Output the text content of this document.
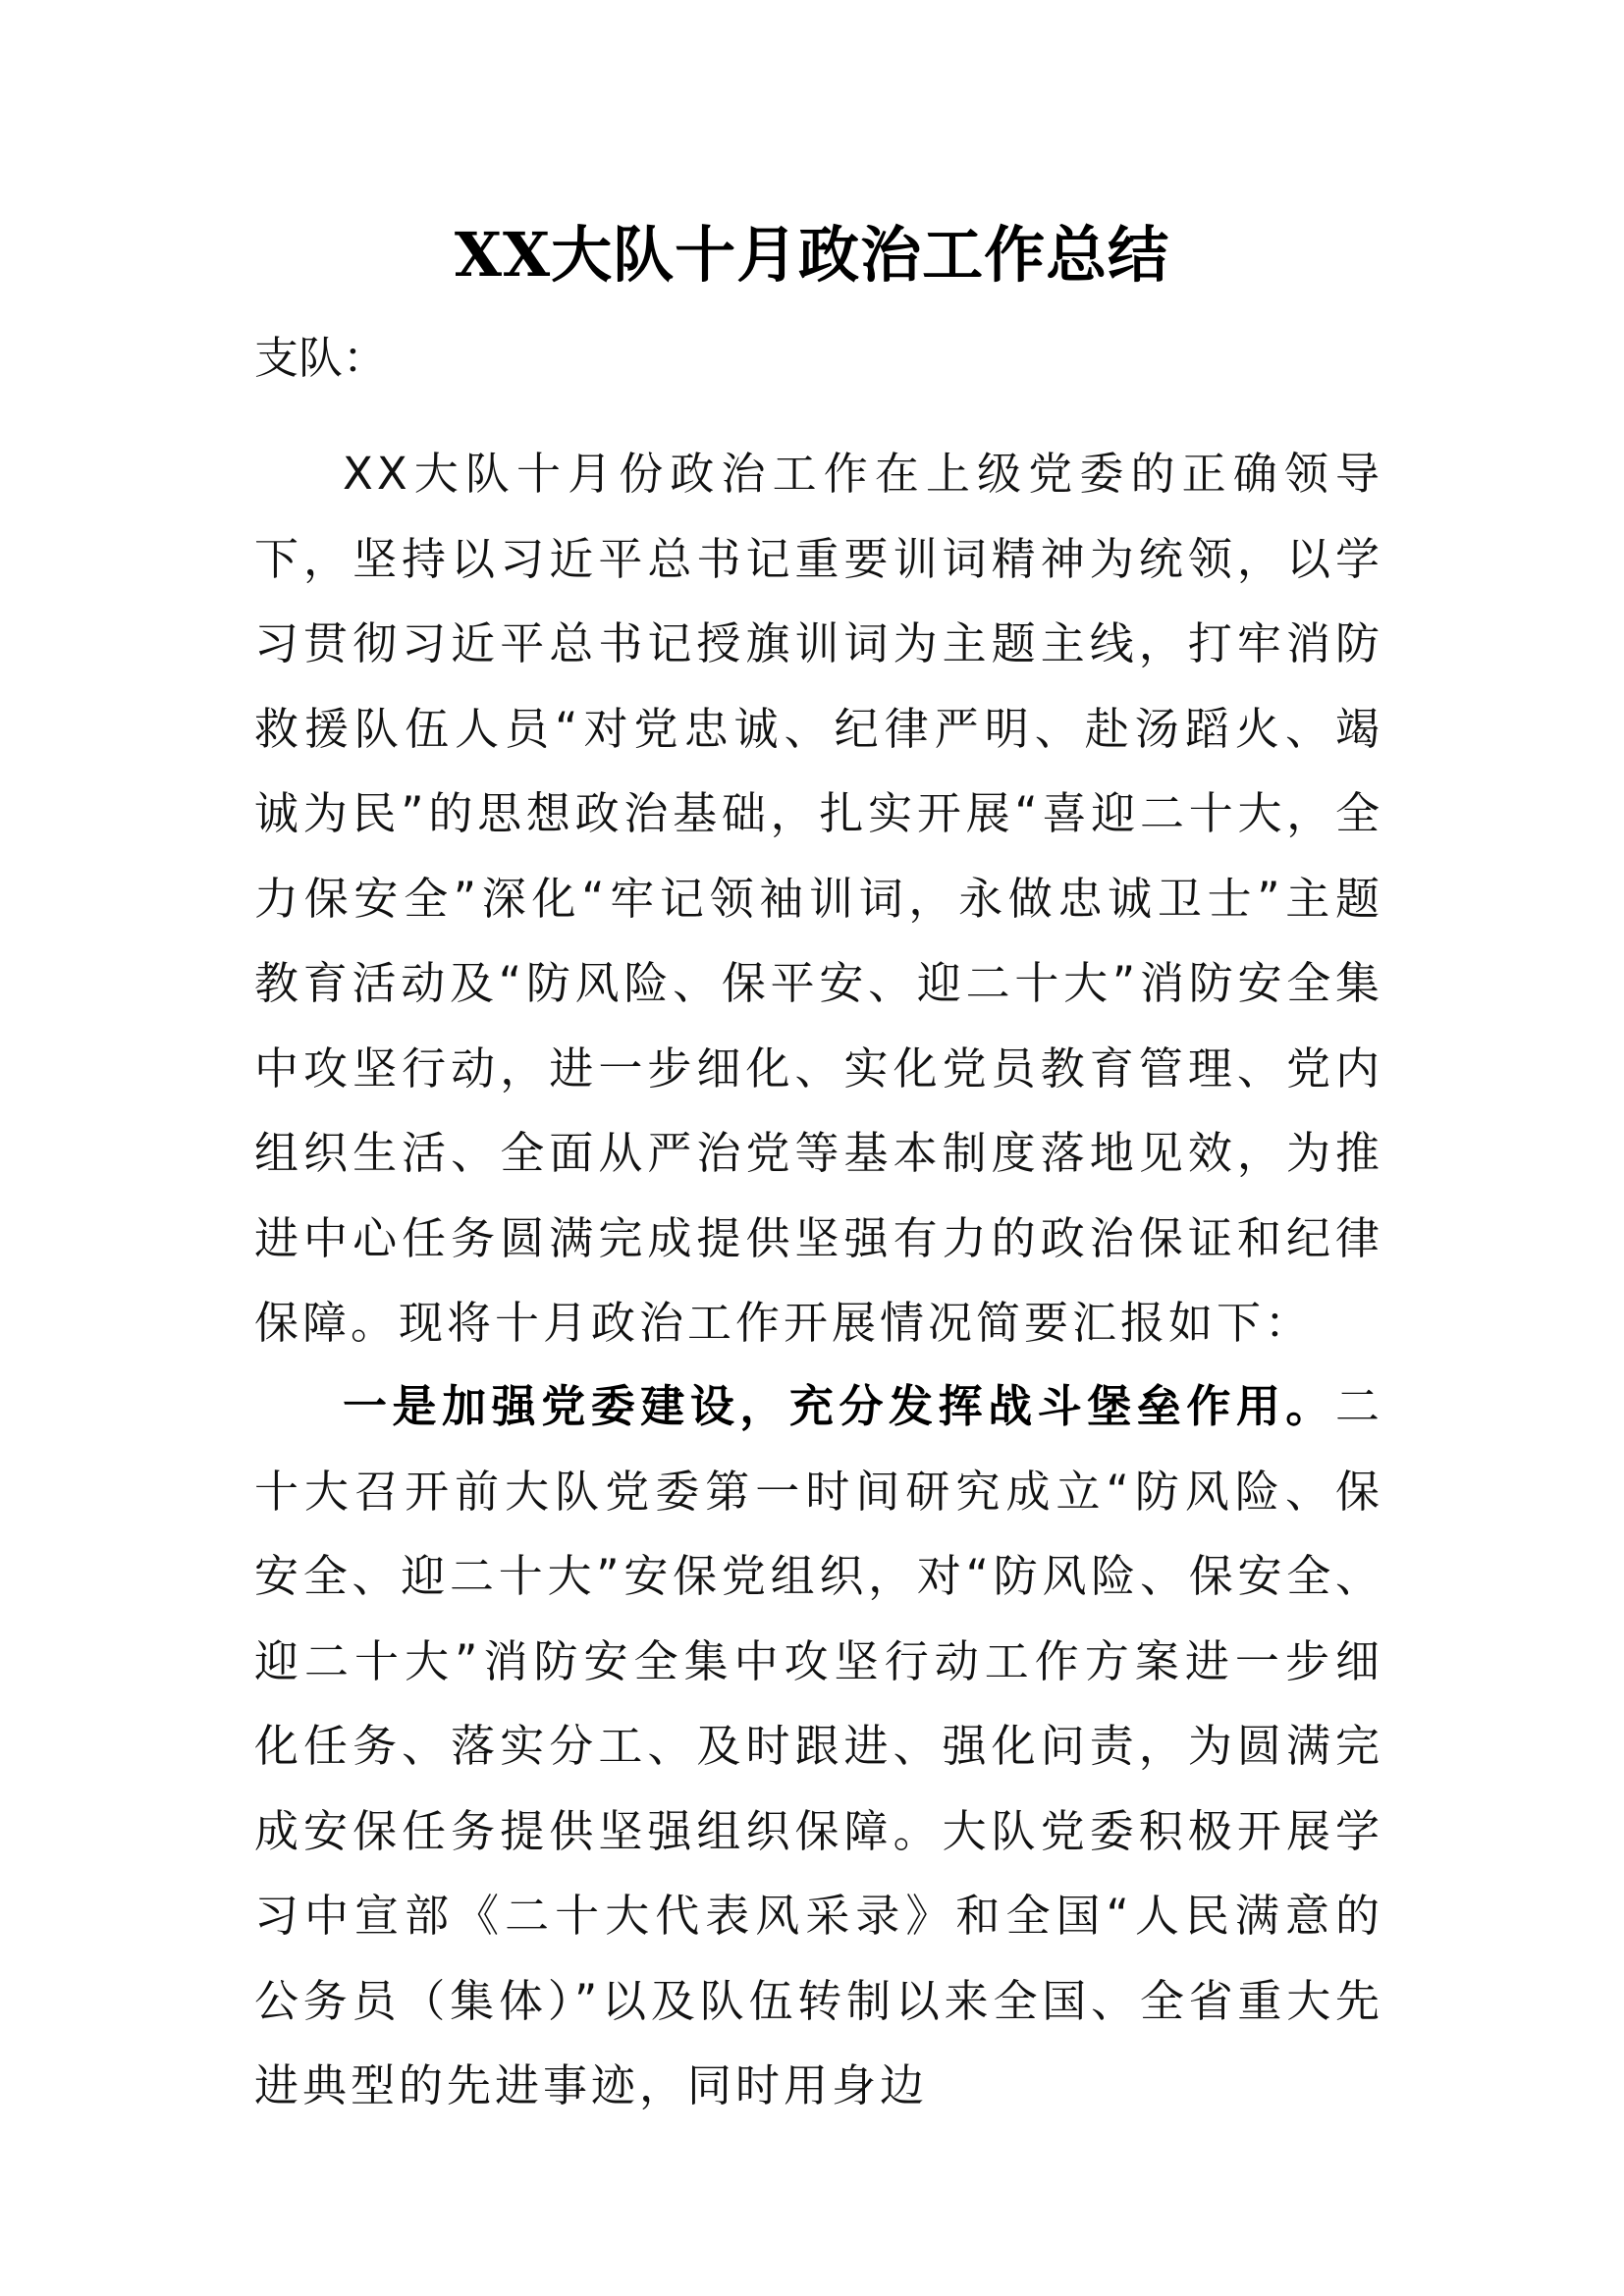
XX大队十月政治工作总结
支队：

XX大队十月份政治工作在上级党委的正确领导下，坚持以习近平总书记重要训词精神为统领，以学习贯彻习近平总书记授旗训词为主题主线，打牢消防救援队伍人员“对党忠诚、纪律严明、赴汤蹈火、竭诚为民”的思想政治基础，扎实开展“喜迎二十大，全力保安全”深化“牢记领袖训词，永做忠诚卫士”主题教育活动及“防风险、保平安、迎二十大”消防安全集中攻坚行动，进一步细化、实化党员教育管理、党内组织生活、全面从严治党等基本制度落地见效，为推进中心任务圆满完成提供坚强有力的政治保证和纪律保障。现将十月政治工作开展情况简要汇报如下：

一是加强党委建设，充分发挥战斗堡垒作用。二十大召开前大队党委第一时间研究成立“防风险、保安全、迎二十大”安保党组织，对“防风险、保安全、迎二十大”消防安全集中攻坚行动工作方案进一步细化任务、落实分工、及时跟进、强化问责，为圆满完成安保任务提供坚强组织保障。大队党委积极开展学习中宣部《二十大代表风采录》和全国“人民满意的公务员（集体）”以及队伍转制以来全国、全省重大先进典型的先进事迹，同时用身边
